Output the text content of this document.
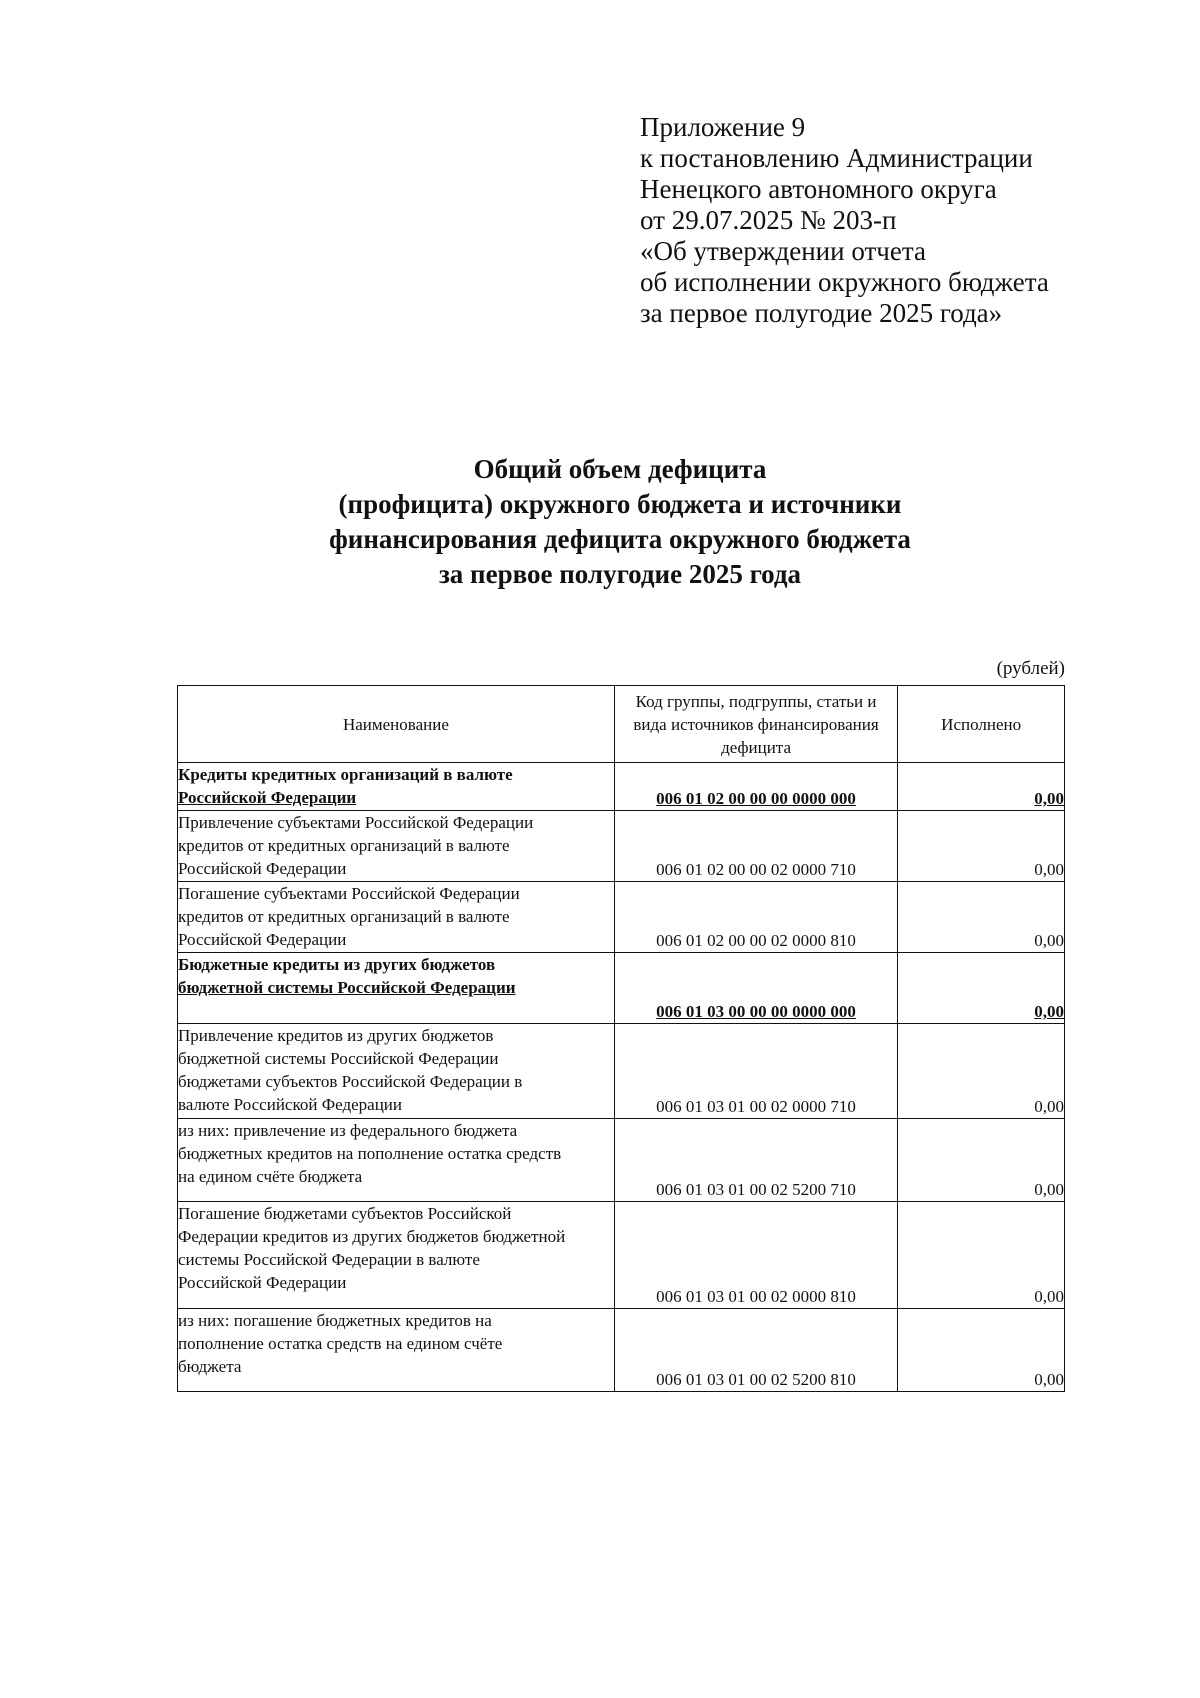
Приложение 9
к постановлению Администрации
Ненецкого автономного округа
от 29.07.2025 № 203-п
«Об утверждении отчета
об исполнении окружного бюджета
за первое полугодие 2025 года»
Общий объем дефицита
(профицита) окружного бюджета и источники
финансирования дефицита окружного бюджета
за первое полугодие 2025 года
(рублей)
Наименование	Код группы, подгруппы, статьи и вида источников финансирования дефицита	Исполнено

Кредиты кредитных организаций в валюте
Российской Федерации	006 01 02 00 00 00 0000 000	0,00

Привлечение субъектами Российской Федерации
кредитов от кредитных организаций в валюте
Российской Федерации	006 01 02 00 00 02 0000 710	0,00

Погашение субъектами Российской Федерации
кредитов от кредитных организаций в валюте
Российской Федерации	006 01 02 00 00 02 0000 810	0,00

Бюджетные кредиты из других бюджетов
бюджетной системы Российской Федерации	006 01 03 00 00 00 0000 000	0,00

Привлечение кредитов из других бюджетов
бюджетной системы Российской Федерации
бюджетами субъектов Российской Федерации в
валюте Российской Федерации	006 01 03 01 00 02 0000 710	0,00

из них: привлечение из федерального бюджета
бюджетных кредитов на пополнение остатка средств
на едином счёте бюджета	006 01 03 01 00 02 5200 710	0,00

Погашение бюджетами субъектов Российской
Федерации кредитов из других бюджетов бюджетной
системы Российской Федерации в валюте
Российской Федерации	006 01 03 01 00 02 0000 810	0,00

из них: погашение бюджетных кредитов на
пополнение остатка средств на едином счёте
бюджета	006 01 03 01 00 02 5200 810	0,00
